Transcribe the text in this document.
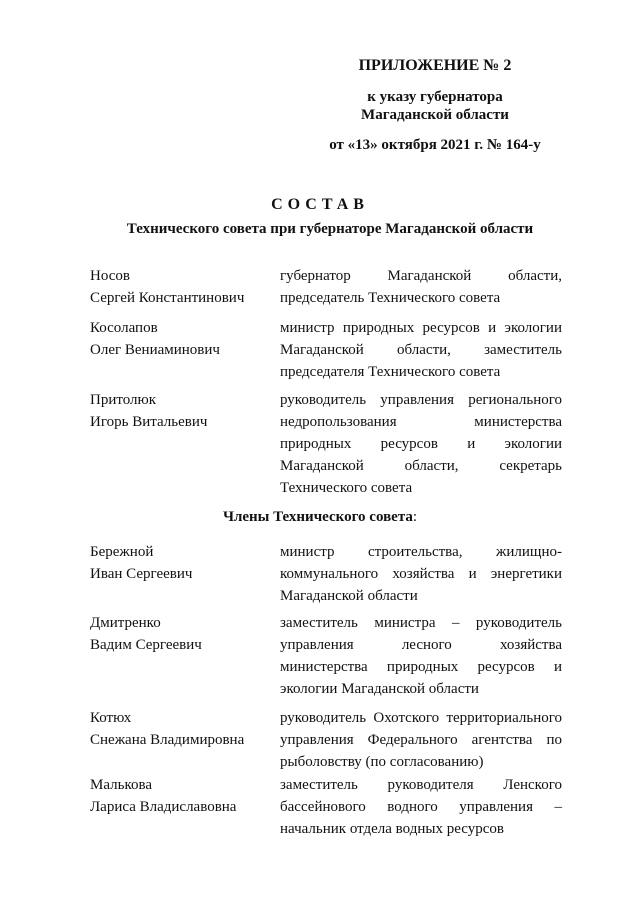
ПРИЛОЖЕНИЕ № 2
к указу губернатора
Магаданской области
от «13» октября 2021 г. № 164-у
СОСТАВ
Технического совета при губернаторе Магаданской области
Носов
Сергей Константинович
губернатор Магаданской области, председатель Технического совета
Косолапов
Олег Вениаминович
министр природных ресурсов и экологии Магаданской области, заместитель председателя Технического совета
Притолюк
Игорь Витальевич
руководитель управления регионального недропользования министерства природных ресурсов и экологии Магаданской области, секретарь Технического совета
Члены Технического совета:
Бережной
Иван Сергеевич
министр строительства, жилищно-коммунального хозяйства и энергетики Магаданской области
Дмитренко
Вадим Сергеевич
заместитель министра – руководитель управления лесного хозяйства министерства природных ресурсов и экологии Магаданской области
Котюх
Снежана Владимировна
руководитель Охотского территориального управления Федерального агентства по рыболовству (по согласованию)
Малькова
Лариса Владиславовна
заместитель руководителя Ленского бассейнового водного управления – начальник отдела водных ресурсов
